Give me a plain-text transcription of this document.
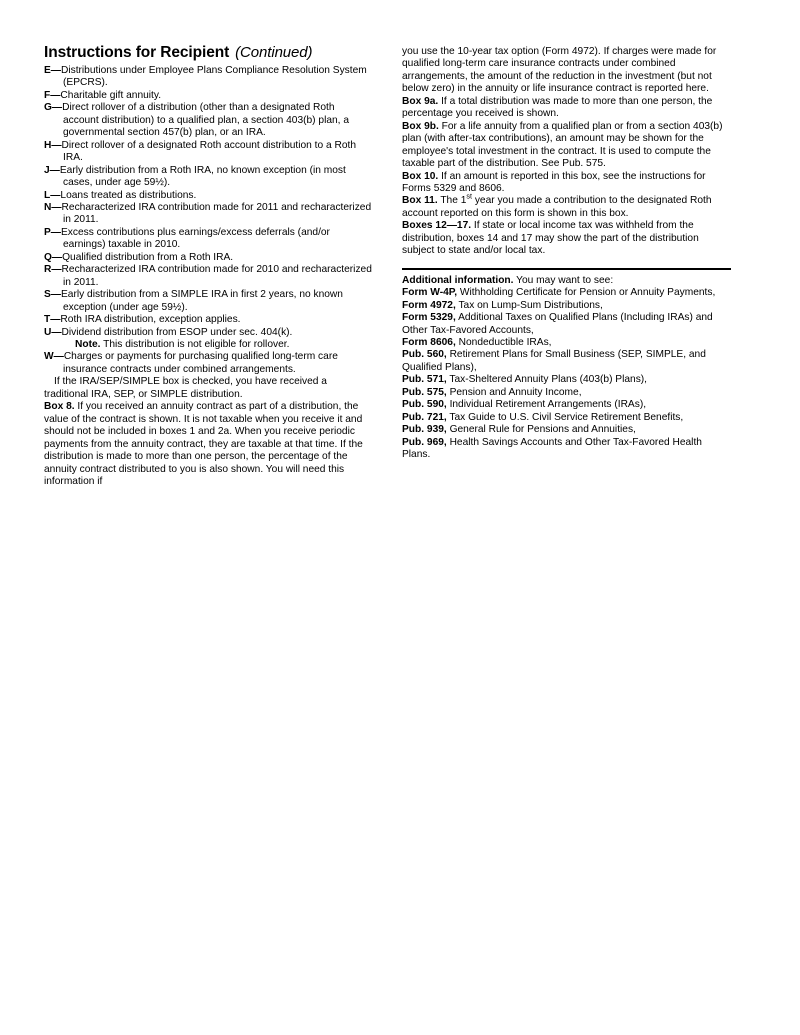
Instructions for Recipient (Continued)

E—Distributions under Employee Plans Compliance Resolution System (EPCRS).

F—Charitable gift annuity.

G—Direct rollover of a distribution (other than a designated Roth account distribution) to a qualified plan, a section 403(b) plan, a governmental section 457(b) plan, or an IRA.

H—Direct rollover of a designated Roth account distribution to a Roth IRA.

J—Early distribution from a Roth IRA, no known exception (in most cases, under age 59½).

L—Loans treated as distributions.

N—Recharacterized IRA contribution made for 2011 and recharacterized in 2011.

P—Excess contributions plus earnings/excess deferrals (and/or earnings) taxable in 2010.

Q—Qualified distribution from a Roth IRA.

R—Recharacterized IRA contribution made for 2010 and recharacterized in 2011.

S—Early distribution from a SIMPLE IRA in first 2 years, no known exception (under age 59½).

T—Roth IRA distribution, exception applies.

U—Dividend distribution from ESOP under sec. 404(k).

Note. This distribution is not eligible for rollover.

W—Charges or payments for purchasing qualified long-term care insurance contracts under combined arrangements.

If the IRA/SEP/SIMPLE box is checked, you have received a traditional IRA, SEP, or SIMPLE distribution.

Box 8. If you received an annuity contract as part of a distribution, the value of the contract is shown. It is not taxable when you receive it and should not be included in boxes 1 and 2a. When you receive periodic payments from the annuity contract, they are taxable at that time. If the distribution is made to more than one person, the percentage of the annuity contract distributed to you is also shown. You will need this information if

you use the 10-year tax option (Form 4972). If charges were made for qualified long-term care insurance contracts under combined arrangements, the amount of the reduction in the investment (but not below zero) in the annuity or life insurance contract is reported here.

Box 9a. If a total distribution was made to more than one person, the percentage you received is shown.

Box 9b. For a life annuity from a qualified plan or from a section 403(b) plan (with after-tax contributions), an amount may be shown for the employee's total investment in the contract. It is used to compute the taxable part of the distribution. See Pub. 575.

Box 10. If an amount is reported in this box, see the instructions for Forms 5329 and 8606.

Box 11. The 1st year you made a contribution to the designated Roth account reported on this form is shown in this box.

Boxes 12—17. If state or local income tax was withheld from the distribution, boxes 14 and 17 may show the part of the distribution subject to state and/or local tax.

Additional information. You may want to see:

Form W-4P, Withholding Certificate for Pension or Annuity Payments,

Form 4972, Tax on Lump-Sum Distributions,

Form 5329, Additional Taxes on Qualified Plans (Including IRAs) and Other Tax-Favored Accounts,

Form 8606, Nondeductible IRAs,

Pub. 560, Retirement Plans for Small Business (SEP, SIMPLE, and Qualified Plans),

Pub. 571, Tax-Sheltered Annuity Plans (403(b) Plans),

Pub. 575, Pension and Annuity Income,

Pub. 590, Individual Retirement Arrangements (IRAs),

Pub. 721, Tax Guide to U.S. Civil Service Retirement Benefits,

Pub. 939, General Rule for Pensions and Annuities,

Pub. 969, Health Savings Accounts and Other Tax-Favored Health Plans.
